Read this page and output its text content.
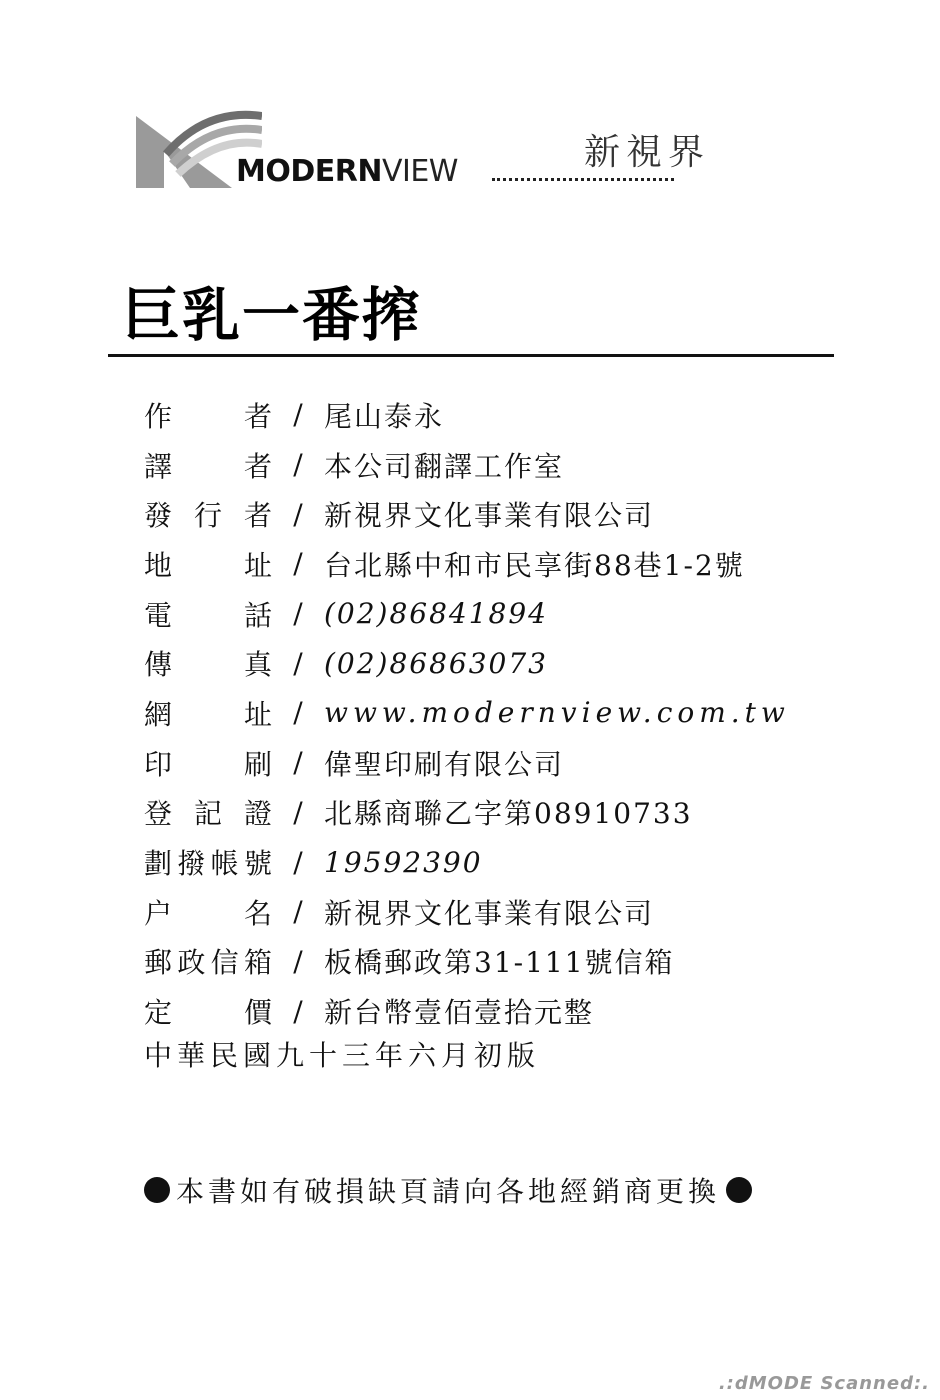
MODERNVIEW	新視界
巨乳一番搾
作	者 / 尾山泰永
譯	者 / 本公司翻譯工作室
發 行 者 / 新視界文化事業有限公司
地	址 / 台北縣中和市民享街88巷1-2號
電	話 / (02)86841894
傳	真 / (02)86863073
網	址 / www.modernview.com.tw
印	刷 / 偉聖印刷有限公司
登 記 證 / 北縣商聯乙字第08910733
劃 撥 帳 號 / 19592390
户	名 / 新視界文化事業有限公司
郵 政 信 箱 / 板橋郵政第31-111號信箱
定	價 / 新台幣壹佰壹拾元整
中華民國九十三年六月初版
本書如有破損缺頁請向各地經銷商更換
.:dMODE Scanned:.
